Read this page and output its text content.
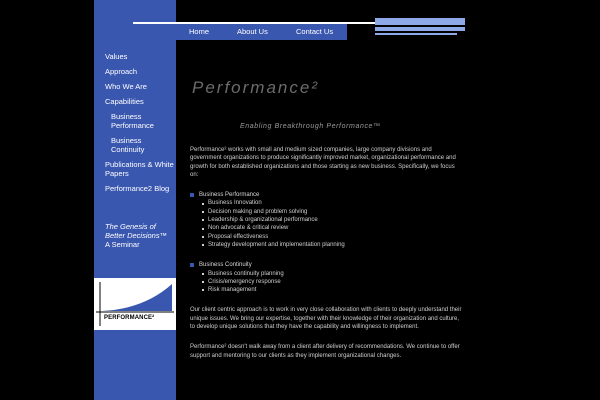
Values
Approach
Who We Are
Capabilities
Business Performance
Business Continuity
Publications & White Papers
Performance2 Blog
The Genesis of Better Decisions™
A Seminar
PERFORMANCE²
Home	About Us	Contact Us
Performance²
Enabling Breakthrough Performance™

Performance² works with small and medium sized companies, large company divisions and government organizations to produce significantly improved market, organizational performance and growth for both established organizations and those starting as new business. Specifically, we focus on:

Business Performance
Business Innovation
Decision making and problem solving
Leadership & organizational performance
Non advocate & critical review
Proposal effectiveness
Strategy development and implementation planning
Business Continuity
Business continuity planning
Crisis/emergency response
Risk management

Our client centric approach is to work in very close collaboration with clients to deeply understand their unique issues. We bring our expertise, together with their knowledge of their organization and culture, to develop unique solutions that they have the capability and willingness to implement.

Performance² doesn't walk away from a client after delivery of recommendations. We continue to offer support and mentoring to our clients as they implement organizational changes.
